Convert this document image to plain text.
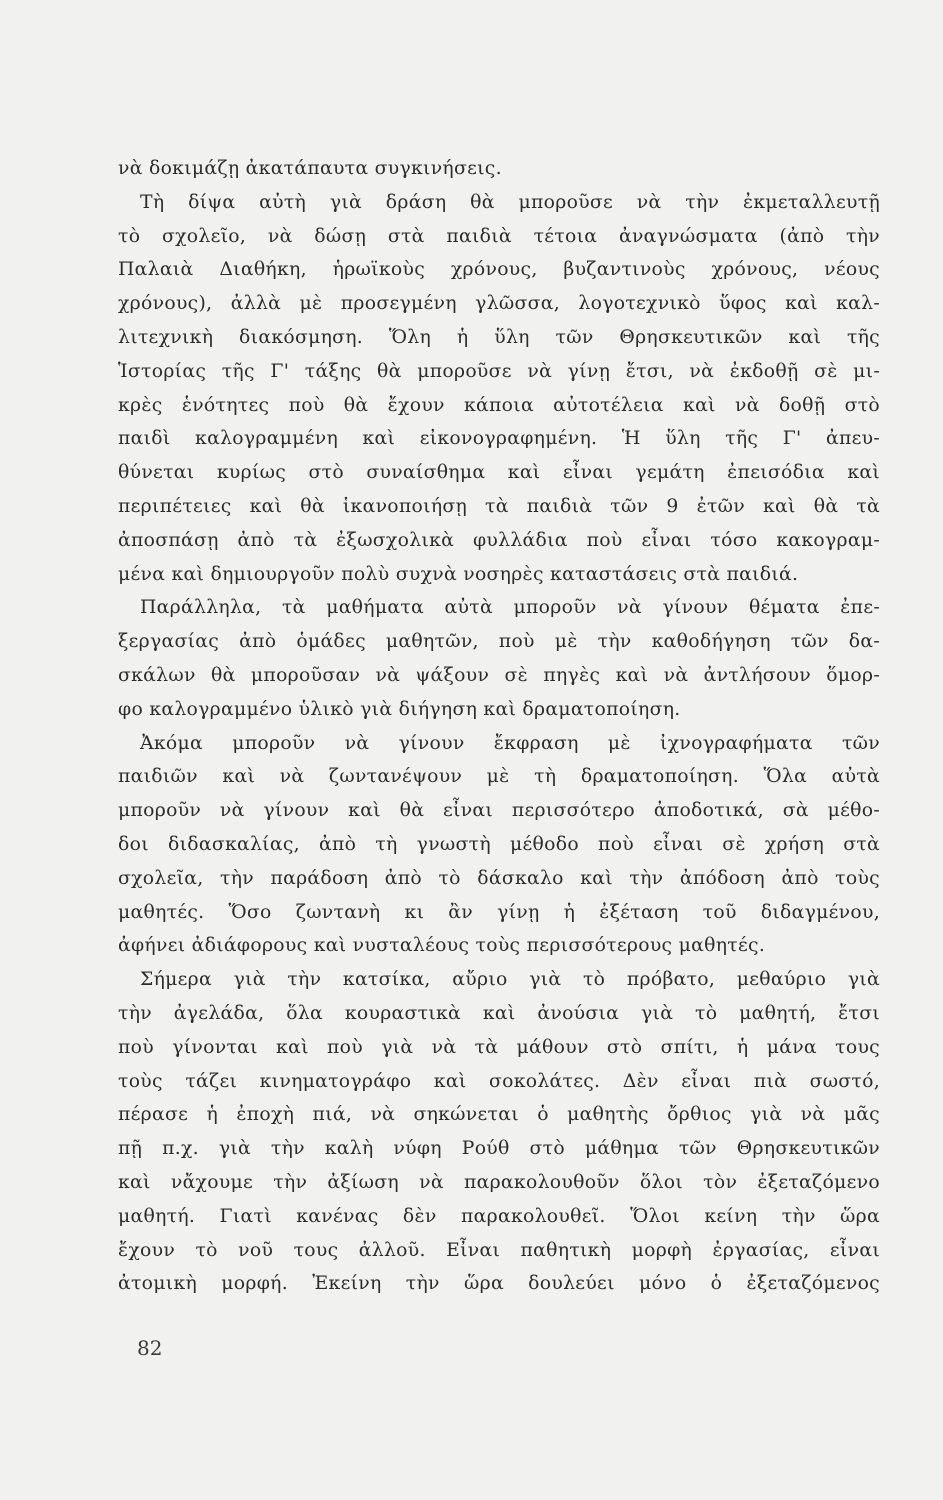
νὰ δοκιμάζῃ ἀκατάπαυτα συγκινήσεις.
Τὴ δίψα αὐτὴ γιὰ δράση θὰ μποροῦσε νὰ τὴν ἐκμεταλλευτῇ
τὸ σχολεῖο, νὰ δώσῃ στὰ παιδιὰ τέτοια ἀναγνώσματα (ἀπὸ τὴν
Παλαιὰ Διαθήκη, ἡρωϊκοὺς χρόνους, βυζαντινοὺς χρόνους, νέους
χρόνους), ἀλλὰ μὲ προσεγμένη γλῶσσα, λογοτεχνικὸ ὕφος καὶ καλ-
λιτεχνικὴ διακόσμηση. Ὅλη ἡ ὕλη τῶν Θρησκευτικῶν καὶ τῆς
Ἱστορίας τῆς Γ' τάξης θὰ μποροῦσε νὰ γίνῃ ἔτσι, νὰ ἐκδοθῇ σὲ μι-
κρὲς ἑνότητες ποὺ θὰ ἔχουν κάποια αὐτοτέλεια καὶ νὰ δοθῇ στὸ
παιδὶ καλογραμμένη καὶ εἰκονογραφημένη. Ἡ ὕλη τῆς Γ' ἀπευ-
θύνεται κυρίως στὸ συναίσθημα καὶ εἶναι γεμάτη ἐπεισόδια καὶ
περιπέτειες καὶ θὰ ἱκανοποιήσῃ τὰ παιδιὰ τῶν 9 ἐτῶν καὶ θὰ τὰ
ἀποσπάσῃ ἀπὸ τὰ ἐξωσχολικὰ φυλλάδια ποὺ εἶναι τόσο κακογραμ-
μένα καὶ δημιουργοῦν πολὺ συχνὰ νοσηρὲς καταστάσεις στὰ παιδιά.
Παράλληλα, τὰ μαθήματα αὐτὰ μποροῦν νὰ γίνουν θέματα ἐπε-
ξεργασίας ἀπὸ ὁμάδες μαθητῶν, ποὺ μὲ τὴν καθοδήγηση τῶν δα-
σκάλων θὰ μποροῦσαν νὰ ψάξουν σὲ πηγὲς καὶ νὰ ἀντλήσουν ὅμορ-
φο καλογραμμένο ὑλικὸ γιὰ διήγηση καὶ δραματοποίηση.
Ἀκόμα μποροῦν νὰ γίνουν ἔκφραση μὲ ἰχνογραφήματα τῶν
παιδιῶν καὶ νὰ ζωντανέψουν μὲ τὴ δραματοποίηση. Ὅλα αὐτὰ
μποροῦν νὰ γίνουν καὶ θὰ εἶναι περισσότερο ἀποδοτικά, σὰ μέθο-
δοι διδασκαλίας, ἀπὸ τὴ γνωστὴ μέθοδο ποὺ εἶναι σὲ χρήση στὰ
σχολεῖα, τὴν παράδοση ἀπὸ τὸ δάσκαλο καὶ τὴν ἀπόδοση ἀπὸ τοὺς
μαθητές. Ὅσο ζωντανὴ κι ἂν γίνῃ ἡ ἐξέταση τοῦ διδαγμένου,
ἀφήνει ἀδιάφορους καὶ νυσταλέους τοὺς περισσότερους μαθητές.
Σήμερα γιὰ τὴν κατσίκα, αὔριο γιὰ τὸ πρόβατο, μεθαύριο γιὰ
τὴν ἀγελάδα, ὅλα κουραστικὰ καὶ ἀνούσια γιὰ τὸ μαθητή, ἔτσι
ποὺ γίνονται καὶ ποὺ γιὰ νὰ τὰ μάθουν στὸ σπίτι, ἡ μάνα τους
τοὺς τάζει κινηματογράφο καὶ σοκολάτες. Δὲν εἶναι πιὰ σωστό,
πέρασε ἡ ἐποχὴ πιά, νὰ σηκώνεται ὁ μαθητὴς ὄρθιος γιὰ νὰ μᾶς
πῇ π.χ. γιὰ τὴν καλὴ νύφη Ρούθ στὸ μάθημα τῶν Θρησκευτικῶν
καὶ νἄχουμε τὴν ἀξίωση νὰ παρακολουθοῦν ὅλοι τὸν ἐξεταζόμενο
μαθητή. Γιατὶ κανένας δὲν παρακολουθεῖ. Ὅλοι κείνη τὴν ὥρα
ἔχουν τὸ νοῦ τους ἀλλοῦ. Εἶναι παθητικὴ μορφὴ ἐργασίας, εἶναι
ἀτομικὴ μορφή. Ἐκείνη τὴν ὥρα δουλεύει μόνο ὁ ἐξεταζόμενος
82
